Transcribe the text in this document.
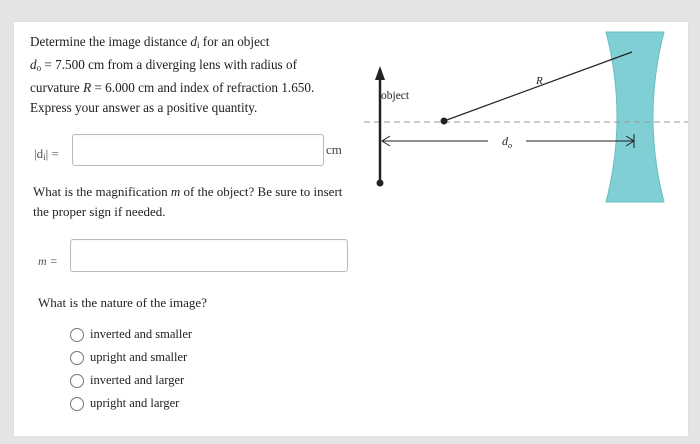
Determine the image distance $d_i$ for an object
$d_o = 7.500$ cm from a diverging lens with radius of
curvature R = 6.000 cm and index of refraction 1.650.
Express your answer as a positive quantity.
$|d_i|$ =	cm
What is the magnification m of the object? Be sure to insert the proper sign if needed.
m =
What is the nature of the image?
inverted and smaller
upright and smaller
inverted and larger
upright and larger
$d_o$
R
object
